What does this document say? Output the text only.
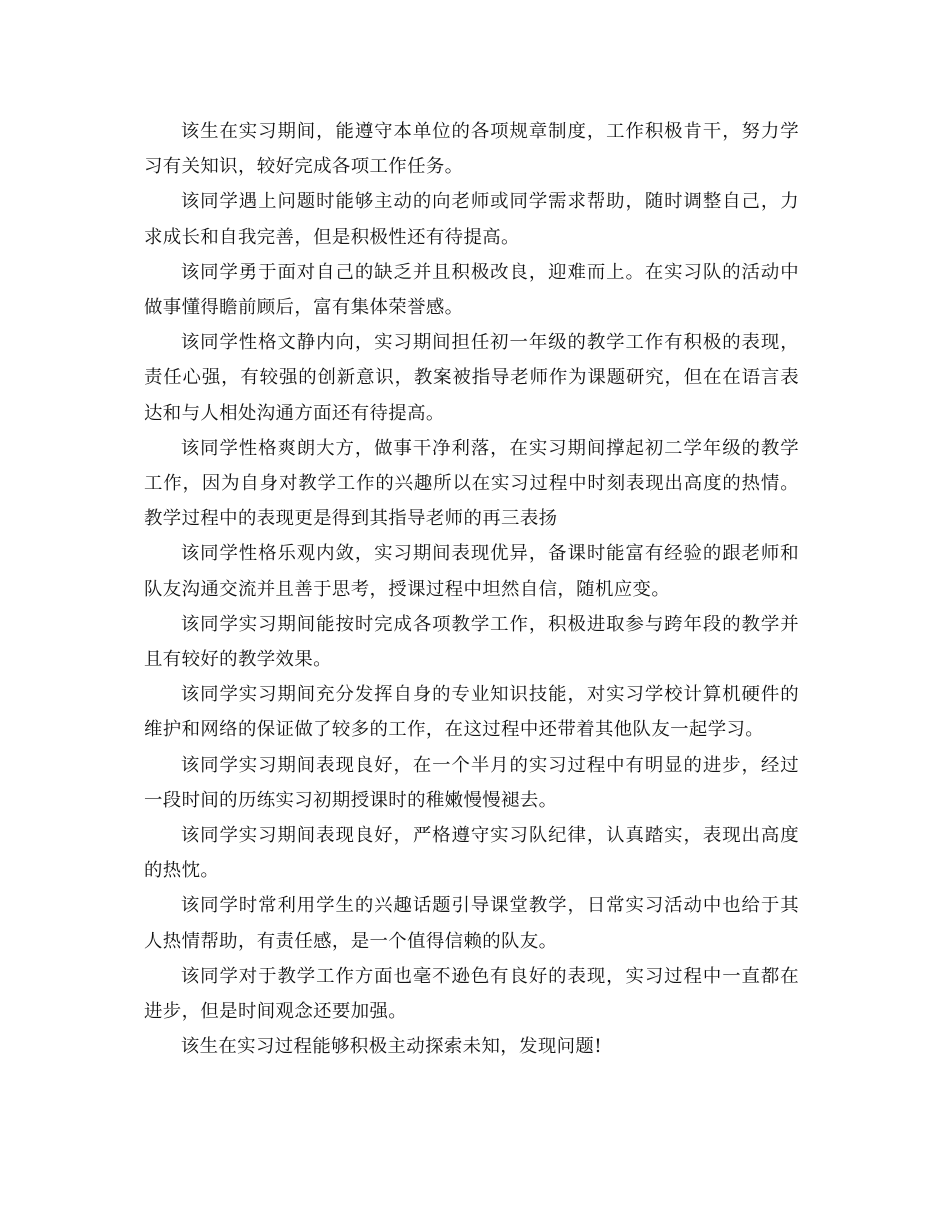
该生在实习期间，能遵守本单位的各项规章制度，工作积极肯干，努力学习有关知识，较好完成各项工作任务。

该同学遇上问题时能够主动的向老师或同学需求帮助，随时调整自己，力求成长和自我完善，但是积极性还有待提高。

该同学勇于面对自己的缺乏并且积极改良，迎难而上。在实习队的活动中做事懂得瞻前顾后，富有集体荣誉感。

该同学性格文静内向，实习期间担任初一年级的教学工作有积极的表现，责任心强，有较强的创新意识，教案被指导老师作为课题研究，但在在语言表达和与人相处沟通方面还有待提高。

该同学性格爽朗大方，做事干净利落，在实习期间撑起初二学年级的教学工作，因为自身对教学工作的兴趣所以在实习过程中时刻表现出高度的热情。教学过程中的表现更是得到其指导老师的再三表扬

该同学性格乐观内敛，实习期间表现优异，备课时能富有经验的跟老师和队友沟通交流并且善于思考，授课过程中坦然自信，随机应变。

该同学实习期间能按时完成各项教学工作，积极进取参与跨年段的教学并且有较好的教学效果。

该同学实习期间充分发挥自身的专业知识技能，对实习学校计算机硬件的维护和网络的保证做了较多的工作，在这过程中还带着其他队友一起学习。

该同学实习期间表现良好，在一个半月的实习过程中有明显的进步，经过一段时间的历练实习初期授课时的稚嫩慢慢褪去。

该同学实习期间表现良好，严格遵守实习队纪律，认真踏实，表现出高度的热忱。

该同学时常利用学生的兴趣话题引导课堂教学，日常实习活动中也给于其人热情帮助，有责任感，是一个值得信赖的队友。

该同学对于教学工作方面也毫不逊色有良好的表现，实习过程中一直都在进步，但是时间观念还要加强。

该生在实习过程能够积极主动探索未知，发现问题!
